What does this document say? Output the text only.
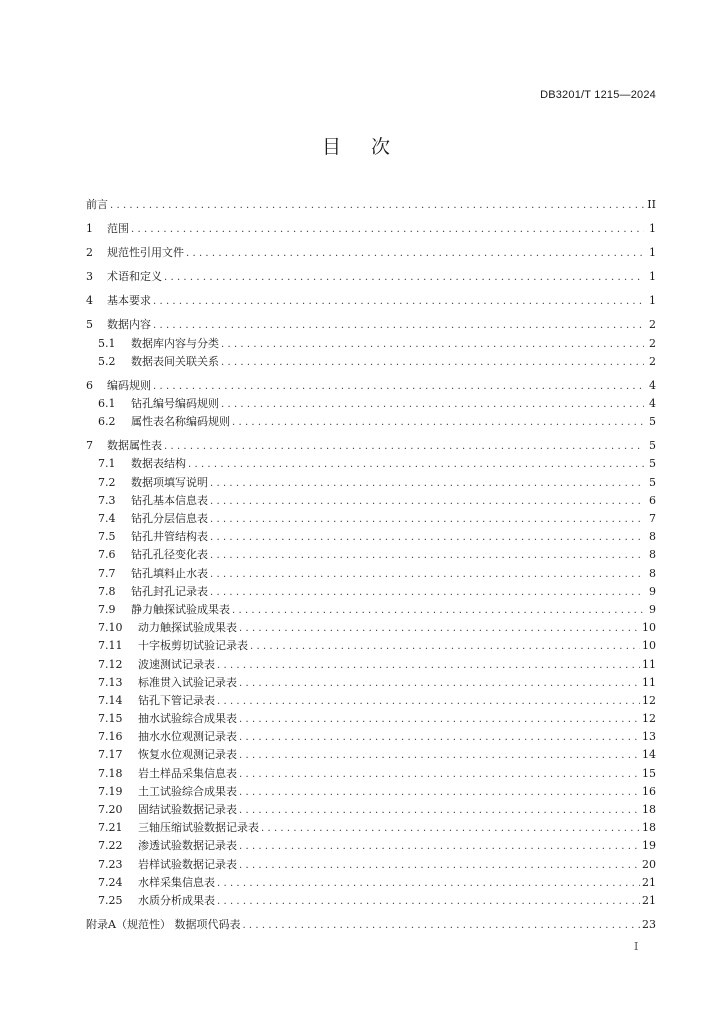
DB3201/T 1215—2024
目 次
前言 .....	II
1	范围 .....	1
2	规范性引用文件 .....	1
3	术语和定义 .....	1
4	基本要求 .....	1
5	数据内容 .....	2
5.1	数据库内容与分类 .....	2
5.2	数据表间关联关系 .....	2
6	编码规则 .....	4
6.1	钻孔编号编码规则 .....	4
6.2	属性表名称编码规则 .....	5
7	数据属性表 .....	5
7.1	数据表结构 .....	5
7.2	数据项填写说明 .....	5
7.3	钻孔基本信息表 .....	6
7.4	钻孔分层信息表 .....	7
7.5	钻孔井管结构表 .....	8
7.6	钻孔孔径变化表 .....	8
7.7	钻孔填料止水表 .....	8
7.8	钻孔封孔记录表 .....	9
7.9	静力触探试验成果表 .....	9
7.10	动力触探试验成果表 .....	10
7.11	十字板剪切试验记录表 .....	10
7.12	波速测试记录表 .....	11
7.13	标准贯入试验记录表 .....	11
7.14	钻孔下管记录表 .....	12
7.15	抽水试验综合成果表 .....	12
7.16	抽水水位观测记录表 .....	13
7.17	恢复水位观测记录表 .....	14
7.18	岩土样品采集信息表 .....	15
7.19	土工试验综合成果表 .....	16
7.20	固结试验数据记录表 .....	18
7.21	三轴压缩试验数据记录表 .....	18
7.22	渗透试验数据记录表 .....	19
7.23	岩样试验数据记录表 .....	20
7.24	水样采集信息表 .....	21
7.25	水质分析成果表 .....	21
附录A（规范性） 数据项代码表 .....	23
I
